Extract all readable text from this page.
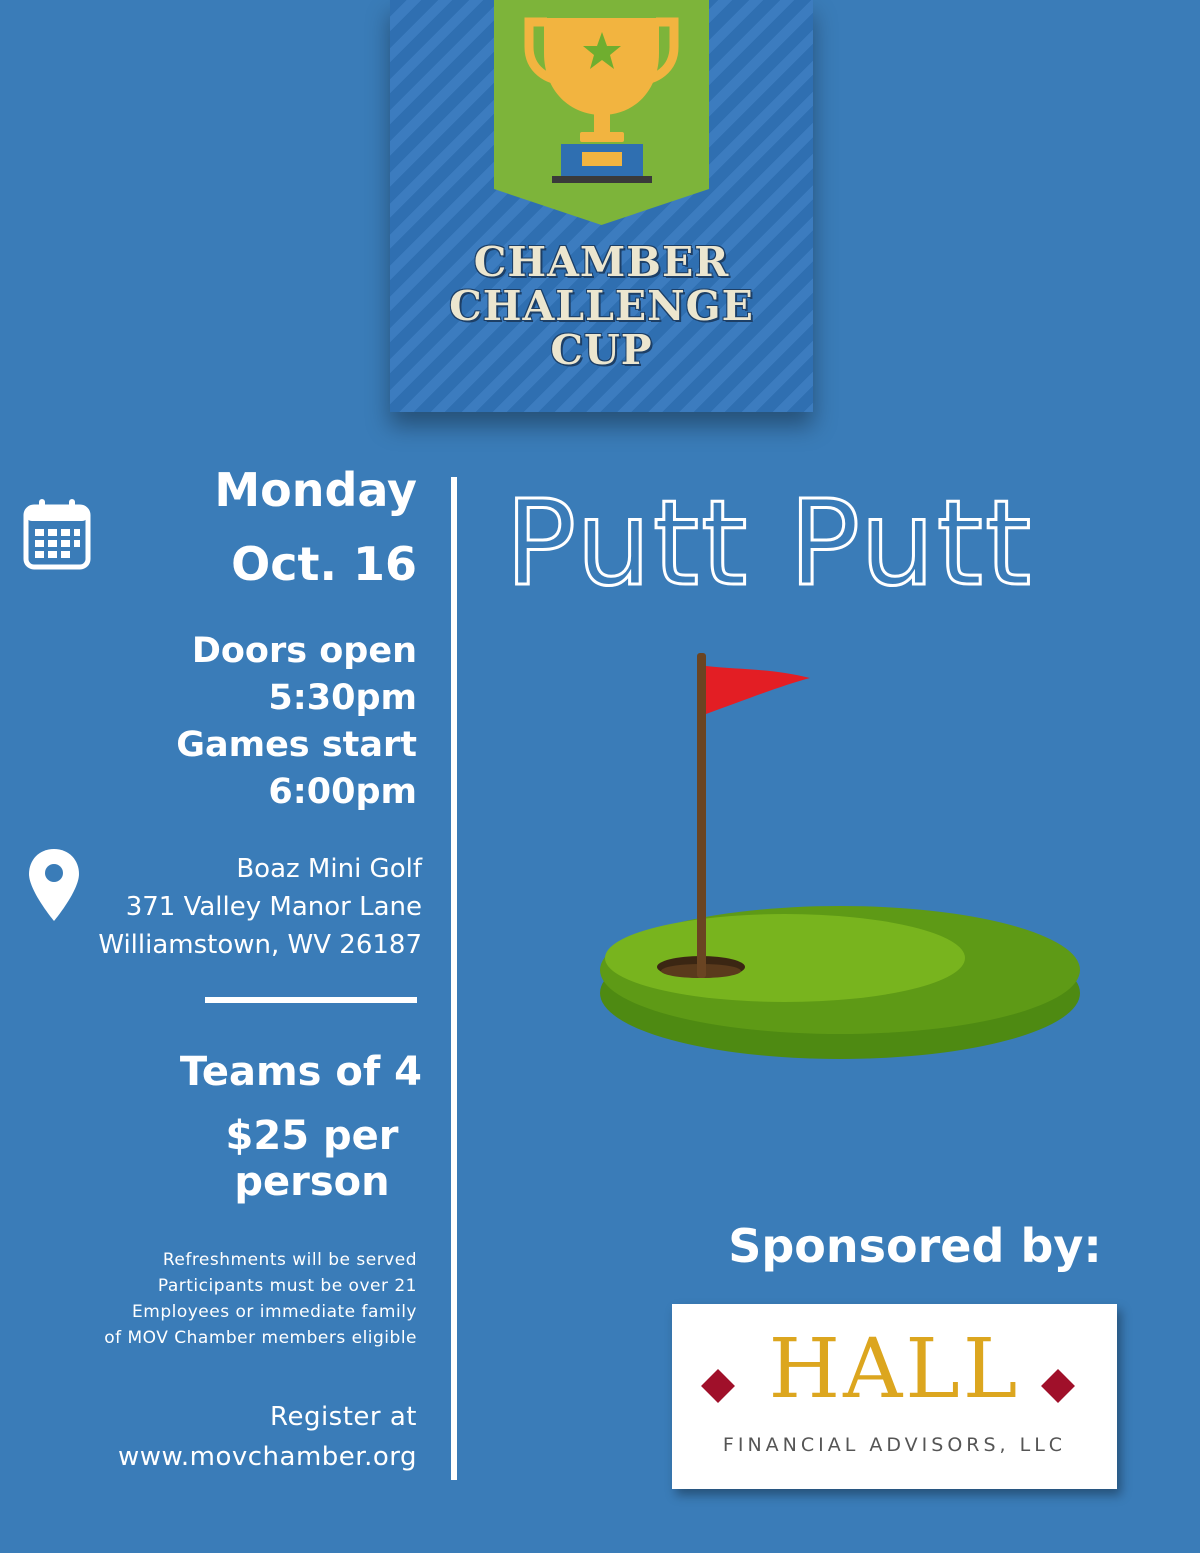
CHAMBER
CHALLENGE
CUP
Monday
Oct. 16
Doors open
5:30pm
Games start
6:00pm
Boaz Mini Golf
371 Valley Manor Lane
Williamstown, WV 26187
Teams of 4
$25 per
person
Refreshments will be served
Participants must be over 21
Employees or immediate family
of MOV Chamber members eligible
Register at
www.movchamber.org
Putt Putt
Sponsored by:
HALL
FINANCIAL ADVISORS, LLC
